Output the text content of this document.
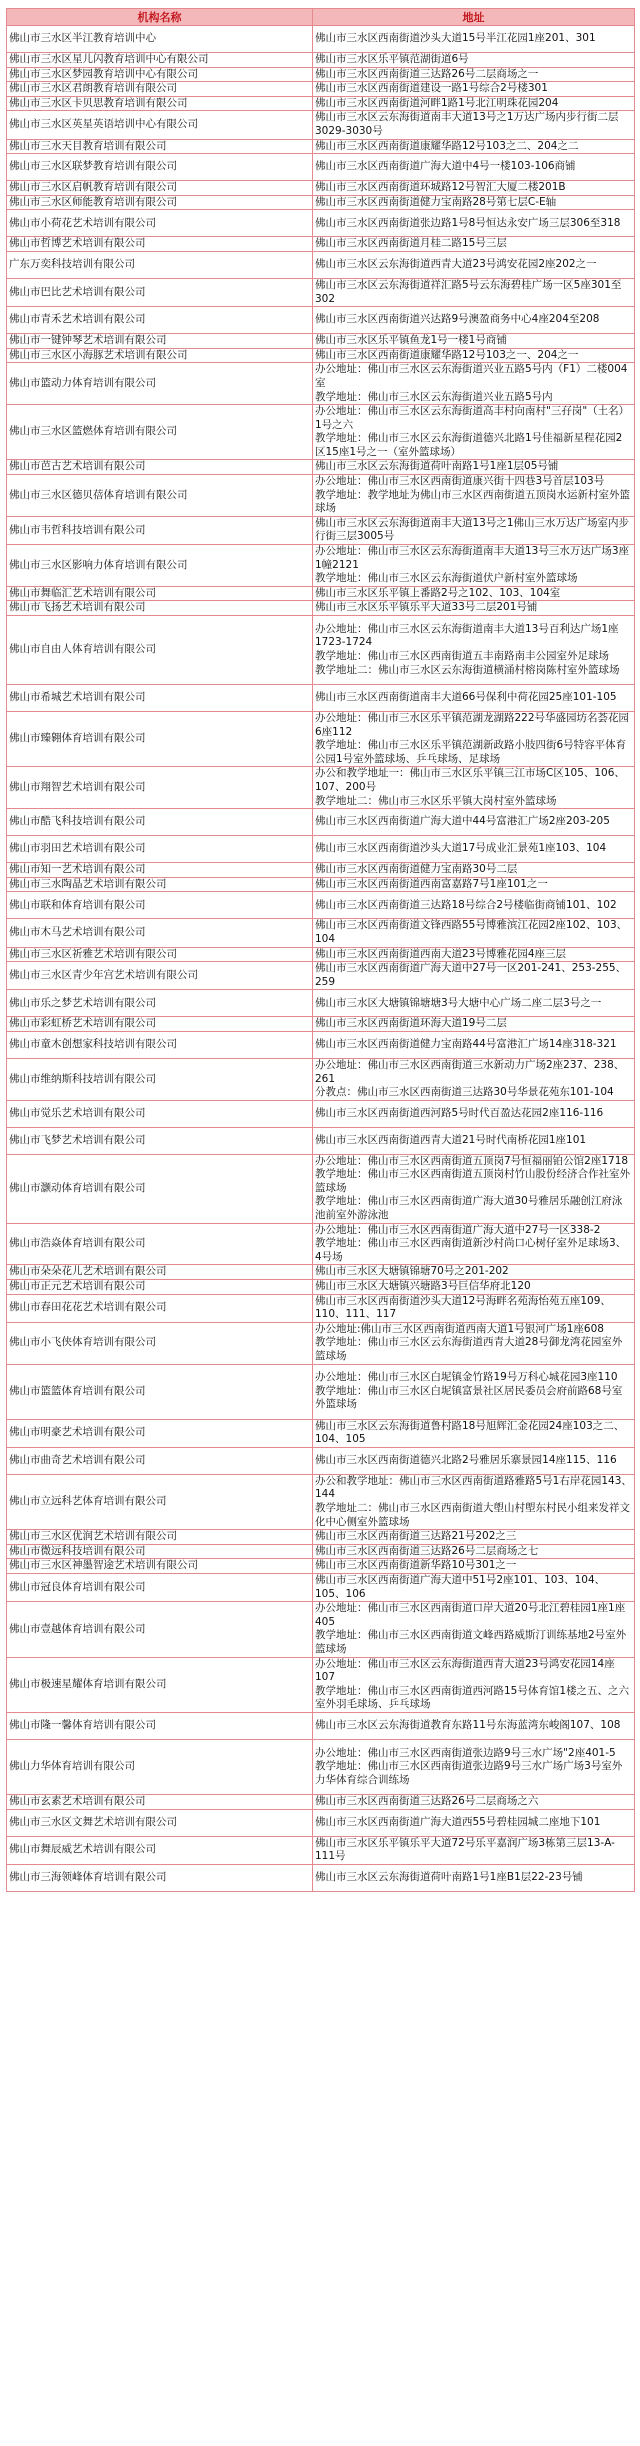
机构名称	地址
佛山市三水区半江教育培训中心	佛山市三水区西南街道沙头大道15号半江花园1座201、301
佛山市三水区星儿闪教育培训中心有限公司	佛山市三水区乐平镇范湖街道6号
佛山市三水区梦园教育培训中心有限公司	佛山市三水区西南街道三达路26号二层商场之一
佛山市三水区君朗教育培训有限公司	佛山市三水区西南街道建设一路1号综合2号楼301
佛山市三水区卡贝思教育培训有限公司	佛山市三水区西南街道河畔1路1号北江明珠花园204
佛山市三水区英星英语培训中心有限公司	佛山市三水区云东海街道南丰大道13号之1万达广场内步行街二层3029-3030号
佛山市三水天目教育培训有限公司	佛山市三水区西南街道康耀华路12号103之二、204之二
佛山市三水区联梦教育培训有限公司	佛山市三水区西南街道广海大道中4号一楼103-106商铺
佛山市三水区启帆教育培训有限公司	佛山市三水区西南街道环城路12号智汇大厦二楼201B
佛山市三水区师能教育培训有限公司	佛山市三水区西南街道健力宝南路28号第七层C-E轴
佛山市小荷花艺术培训有限公司	佛山市三水区西南街道张边路1号8号恒达永安广场三层306至318
佛山市哲博艺术培训有限公司	佛山市三水区西南街道月桂二路15号三层
广东万奕科技培训有限公司	佛山市三水区云东海街道西青大道23号鸿安花园2座202之一
佛山市巴比艺术培训有限公司	佛山市三水区云东海街道祥汇路5号云东海碧桂广场一区5座301至302
佛山市青禾艺术培训有限公司	佛山市三水区西南街道兴达路9号澳盈商务中心4座204至208
佛山市一键钟琴艺术培训有限公司	佛山市三水区乐平镇鱼龙1号一楼1号商铺
佛山市三水区小海豚艺术培训有限公司	佛山市三水区西南街道康耀华路12号103之一、204之一
佛山市篮动力体育培训有限公司	办公地址：佛山市三水区云东海街道兴业五路5号内（F1）二楼004室
教学地址：佛山市三水区云东海街道兴业五路5号内
佛山市三水区篮燃体育培训有限公司	办公地址：佛山市三水区云东海街道高丰村向南村"三孖岗"（土名）1号之六
教学地址：佛山市三水区云东海街道德兴北路1号佳福新星程花园2区15座1号之一（室外篮球场）
佛山市芭古艺术培训有限公司	佛山市三水区云东海街道荷叶南路1号1座1层05号铺
佛山市三水区德贝蓓体育培训有限公司	办公地址：佛山市三水区西南街道康兴街十四巷3号首层103号
教学地址：教学地址为佛山市三水区西南街道五顶岗水运新村室外篮球场
佛山市韦哲科技培训有限公司	佛山市三水区云东海街道南丰大道13号之1佛山三水万达广场室内步行街三层3005号
佛山市三水区影响力体育培训有限公司	办公地址：佛山市三水区云东海街道南丰大道13号三水万达广场3座1幢2121
教学地址：佛山市三水区云东海街道伏户新村室外篮球场
佛山市舞临汇艺术培训有限公司	佛山市三水区乐平镇上番路2号之102、103、104室
佛山市飞扬艺术培训有限公司	佛山市三水区乐平镇乐平大道33号二层201号铺
佛山市自由人体育培训有限公司	办公地址：佛山市三水区云东海街道南丰大道13号百利达广场1座1723-1724
教学地址：佛山市三水区西南街道五丰南路南丰公园室外足球场
教学地址二：佛山市三水区云东海街道横涌村榕岗陈村室外篮球场
佛山市希城艺术培训有限公司	佛山市三水区西南街道南丰大道66号保利中荷花园25座101-105
佛山市臻翱体育培训有限公司	办公地址：佛山市三水区乐平镇范湖龙湖路222号华盛园坊名荟花园6座112
教学地址：佛山市三水区乐平镇范湖新政路小肢四街6号特容平体育公园1号室外篮球场、乒乓球场、足球场
佛山市翔智艺术培训有限公司	办公和教学地址一：佛山市三水区乐平镇三江市场C区105、106、107、200号
教学地址二：佛山市三水区乐平镇大岗村室外篮球场
佛山市酷飞科技培训有限公司	佛山市三水区西南街道广海大道中44号富港汇广场2座203-205
佛山市羽田艺术培训有限公司	佛山市三水区西南街道沙头大道17号成业汇景苑1座103、104
佛山市知一艺术培训有限公司	佛山市三水区西南街道健力宝南路30号二层
佛山市三水陶晶艺术培训有限公司	佛山市三水区西南街道西南富嘉路7号1座101之一
佛山市联和体育培训有限公司	佛山市三水区西南街道三达路18号综合2号楼临街商铺101、102
佛山市木马艺术培训有限公司	佛山市三水区西南街道文锋西路55号博雅滨江花园2座102、103、104
佛山市三水区祈雅艺术培训有限公司	佛山市三水区西南街道西南大道23号博雅花园4座三层
佛山市三水区青少年宫艺术培训有限公司	佛山市三水区西南街道广海大道中27号一区201-241、253-255、259
佛山市乐之梦艺术培训有限公司	佛山市三水区大塘镇锦塘塘3号大塘中心广场二座二层3号之一
佛山市彩虹桥艺术培训有限公司	佛山市三水区西南街道环海大道19号二层
佛山市童木创想家科技培训有限公司	佛山市三水区西南街道健力宝南路44号富港汇广场14座318-321
佛山市维纳斯科技培训有限公司	办公地址：佛山市三水区西南街道三水新动力广场2座237、238、261
分教点：佛山市三水区西南街道三达路30号华景花苑东101-104
佛山市觉乐艺术培训有限公司	佛山市三水区西南街道西河路5号时代百盈达花园2座116-116
佛山市飞梦艺术培训有限公司	佛山市三水区西南街道西青大道21号时代南桥花园1座101
佛山市灏动体育培训有限公司	办公地址：佛山市三水区西南街道五顶岗7号恒福丽铂公馆2座1718
教学地址：佛山市三水区西南街道五顶岗村竹山股份经济合作社室外篮球场
教学地址：佛山市三水区西南街道广海大道30号雅居乐融创江府泳池前室外游泳池
佛山市浩焱体育培训有限公司	办公地址：佛山市三水区西南街道广海大道中27号一区338-2
教学地址：佛山市三水区西南街道新沙村尚口心树仔室外足球场3、4号场
佛山市朵朵花儿艺术培训有限公司	佛山市三水区大塘镇锦塘70号之201-202
佛山市正元艺术培训有限公司	佛山市三水区大塘镇兴塘路3号巨信华府北120
佛山市春田花花艺术培训有限公司	佛山市三水区西南街道沙头大道12号海畔名苑海怡苑五座109、110、111、117
佛山市小飞侠体育培训有限公司	办公地址:佛山市三水区西南街道西南大道1号银河广场1座608
教学地址：佛山市三水区云东海街道西青大道28号御龙湾花园室外篮球场
佛山市篮篮体育培训有限公司	办公地址：佛山市三水区白坭镇金竹路19号万科心城花园3座110
教学地址：佛山市三水区白坭镇富景社区居民委员会府前路68号室外篮球场
佛山市明豪艺术培训有限公司	佛山市三水区云东海街道鲁村路18号旭辉汇金花园24座103之二、104、105
佛山市曲奇艺术培训有限公司	佛山市三水区西南街道德兴北路2号雅居乐寨景园14座115、116
佛山市立远科艺体育培训有限公司	办公和教学地址：佛山市三水区西南街道路雅路5号1右岸花园143、144
教学地址二：佛山市三水区西南街道大塱山村塱东村民小组来发祥文化中心侧室外篮球场
佛山市三水区优润艺术培训有限公司	佛山市三水区西南街道三达路21号202之三
佛山市微远科技培训有限公司	佛山市三水区西南街道三达路26号二层商场之七
佛山市三水区神墨智途艺术培训有限公司	佛山市三水区西南街道新华路10号301之一
佛山市冠良体育培训有限公司	佛山市三水区西南街道广海大道中51号2座101、103、104、105、106
佛山市壹越体育培训有限公司	办公地址：佛山市三水区西南街道口岸大道20号北江碧桂园1座1座405
教学地址：佛山市三水区西南街道文峰西路威斯汀训练基地2号室外篮球场
佛山市极速星耀体育培训有限公司	办公地址：佛山市三水区云东海街道西青大道23号鸿安花园14座107
教学地址：佛山市三水区西南街道西河路15号体育馆1楼之五、之六室外羽毛球场、乒乓球场
佛山市隆一馨体育培训有限公司	佛山市三水区云东海街道教育东路11号东海蓝湾东峻阁107、108
佛山力华体育培训有限公司	办公地址：佛山市三水区西南街道张边路9号三水广场"2座401-5
教学地址：佛山市三水区西南街道张边路9号三水广场广场3号室外力华体育综合训练场
佛山市玄素艺术培训有限公司	佛山市三水区西南街道三达路26号二层商场之六
佛山市三水区文舞艺术培训有限公司	佛山市三水区西南街道广海大道西55号碧桂园城二座地下101
佛山市舞辰威艺术培训有限公司	佛山市三水区乐平镇乐平大道72号乐平嘉润广场3栋第三层13-A-111号
佛山市三海领峰体育培训有限公司	佛山市三水区云东海街道荷叶南路1号1座B1层22-23号铺
